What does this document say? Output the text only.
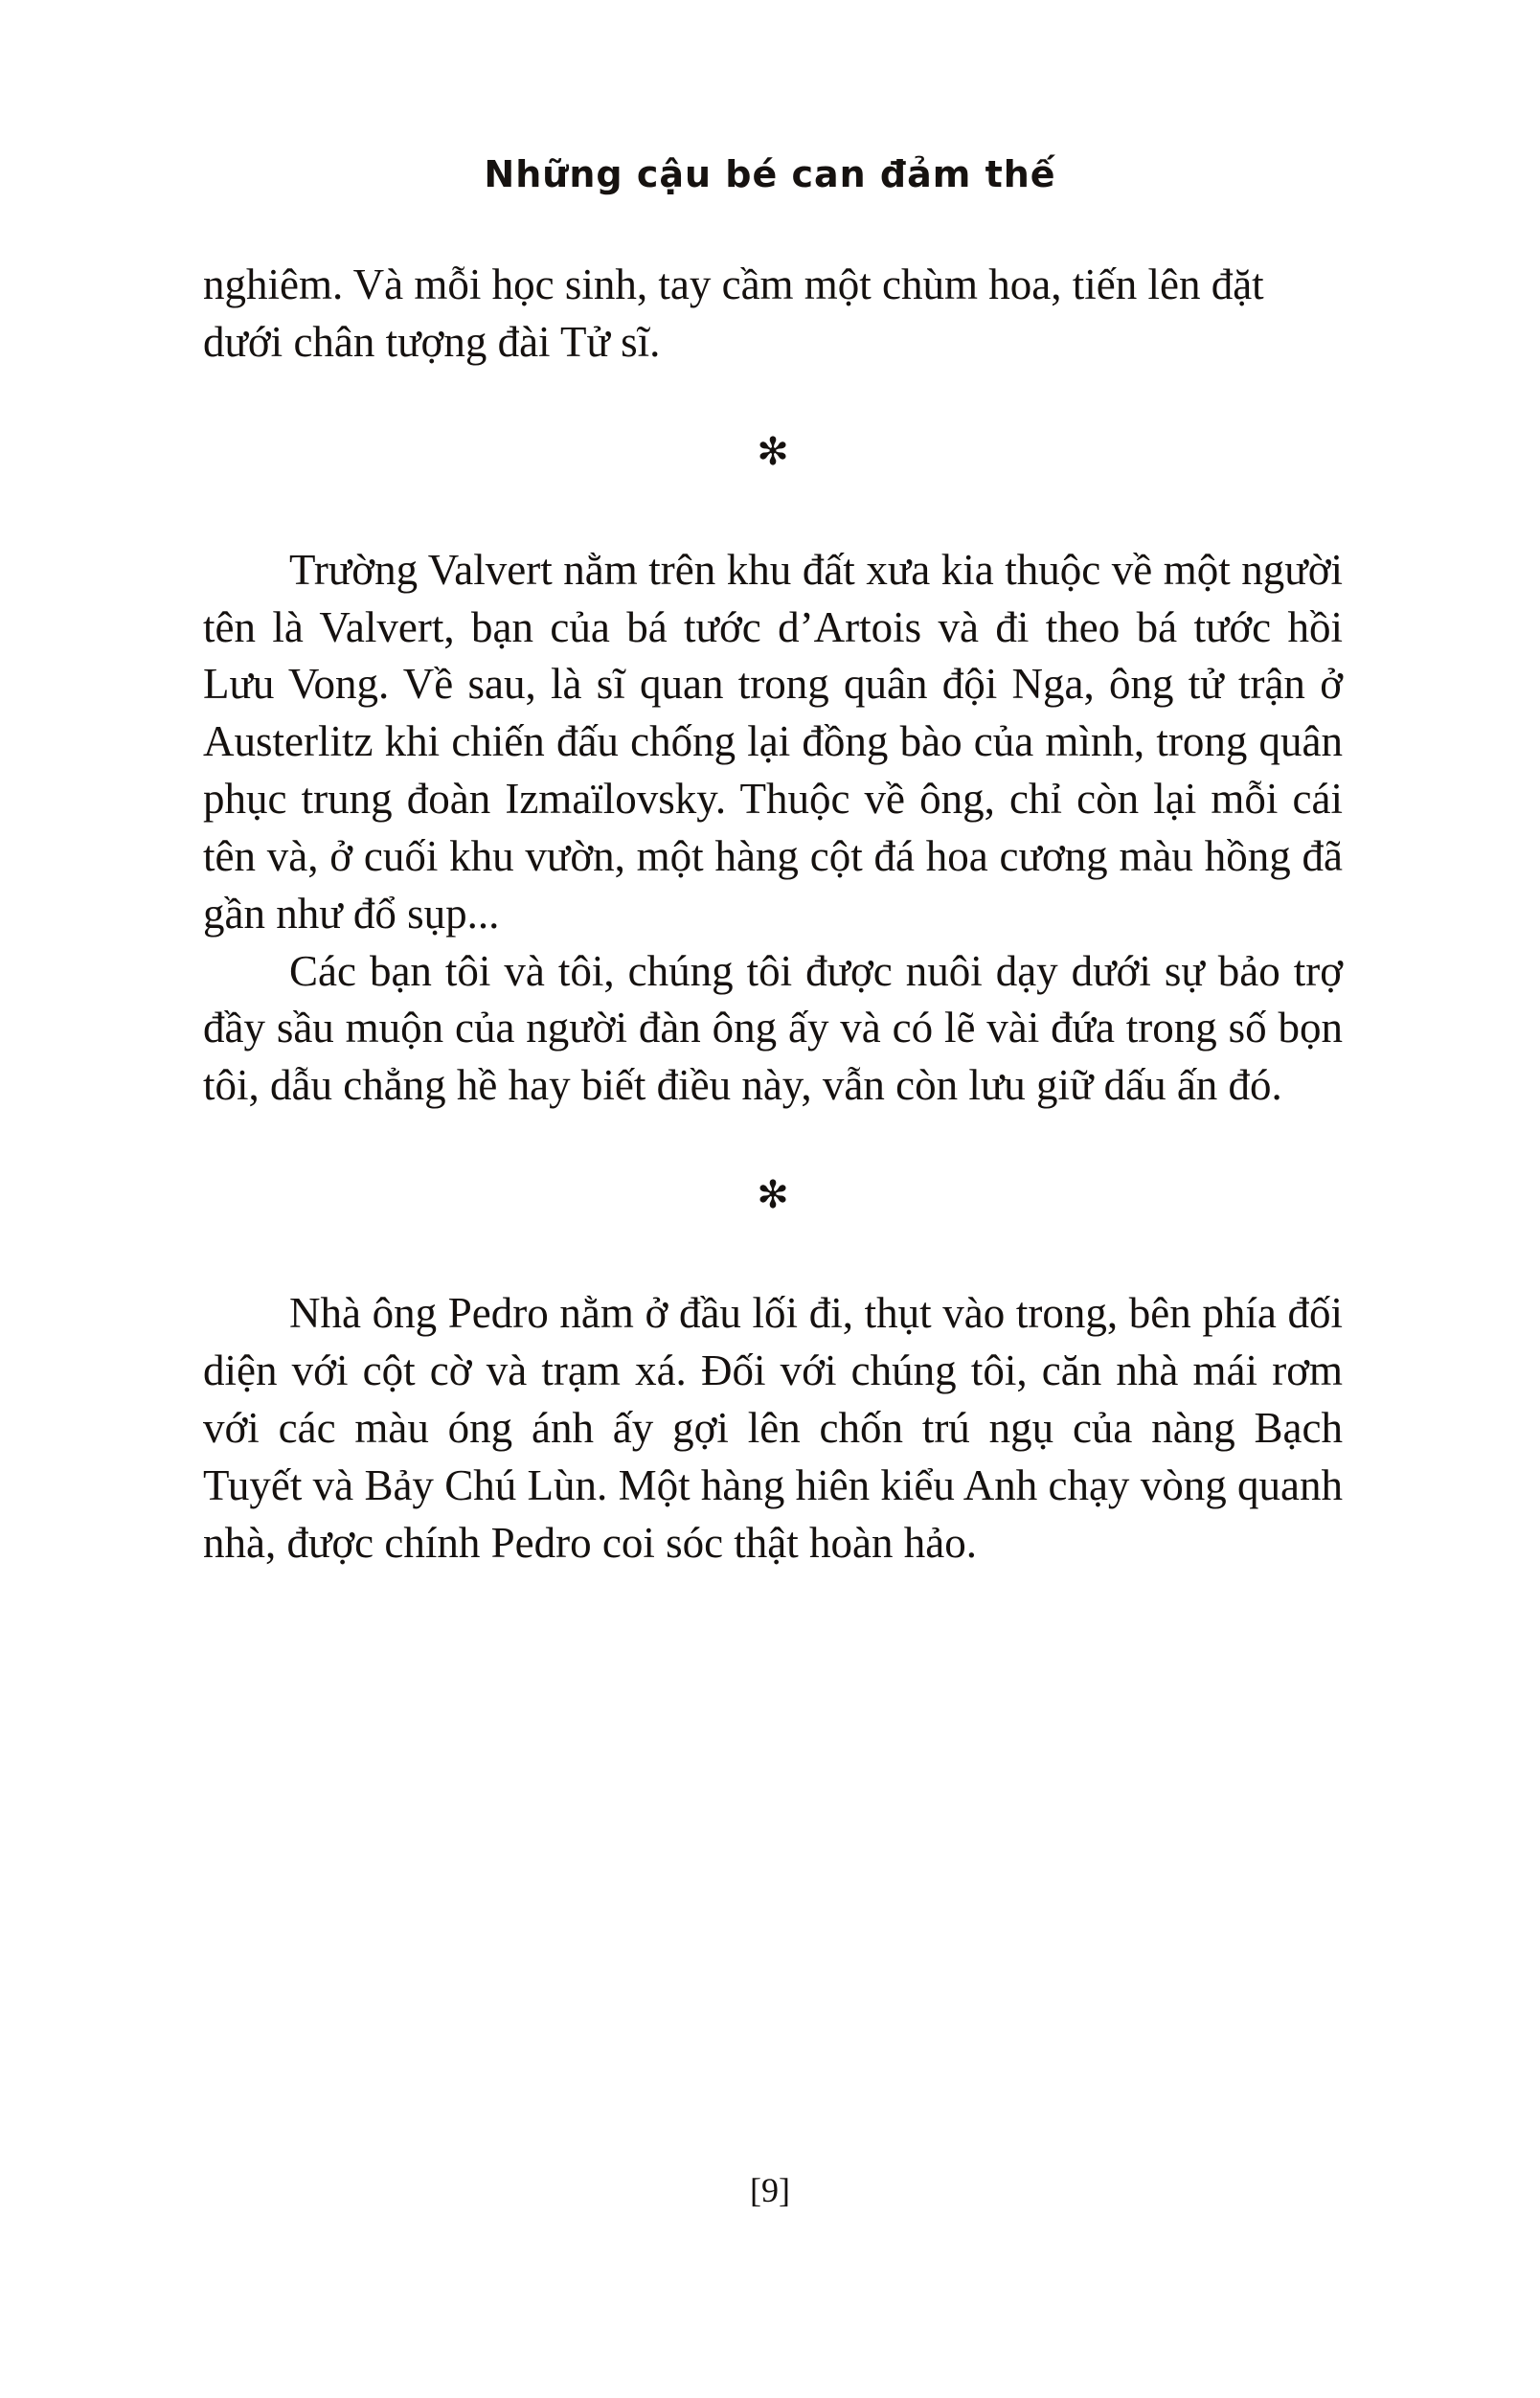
Những cậu bé can đảm thế

nghiêm. Và mỗi học sinh, tay cầm một chùm hoa, tiến lên đặt dưới chân tượng đài Tử sĩ.

✻

Trường Valvert nằm trên khu đất xưa kia thuộc về một người tên là Valvert, bạn của bá tước d’Artois và đi theo bá tước hồi Lưu Vong. Về sau, là sĩ quan trong quân đội Nga, ông tử trận ở Austerlitz khi chiến đấu chống lại đồng bào của mình, trong quân phục trung đoàn Izmaïlovsky. Thuộc về ông, chỉ còn lại mỗi cái tên và, ở cuối khu vườn, một hàng cột đá hoa cương màu hồng đã gần như đổ sụp...

Các bạn tôi và tôi, chúng tôi được nuôi dạy dưới sự bảo trợ đầy sầu muộn của người đàn ông ấy và có lẽ vài đứa trong số bọn tôi, dẫu chẳng hề hay biết điều này, vẫn còn lưu giữ dấu ấn đó.

✻

Nhà ông Pedro nằm ở đầu lối đi, thụt vào trong, bên phía đối diện với cột cờ và trạm xá. Đối với chúng tôi, căn nhà mái rơm với các màu óng ánh ấy gợi lên chốn trú ngụ của nàng Bạch Tuyết và Bảy Chú Lùn. Một hàng hiên kiểu Anh chạy vòng quanh nhà, được chính Pedro coi sóc thật hoàn hảo.

[9]
